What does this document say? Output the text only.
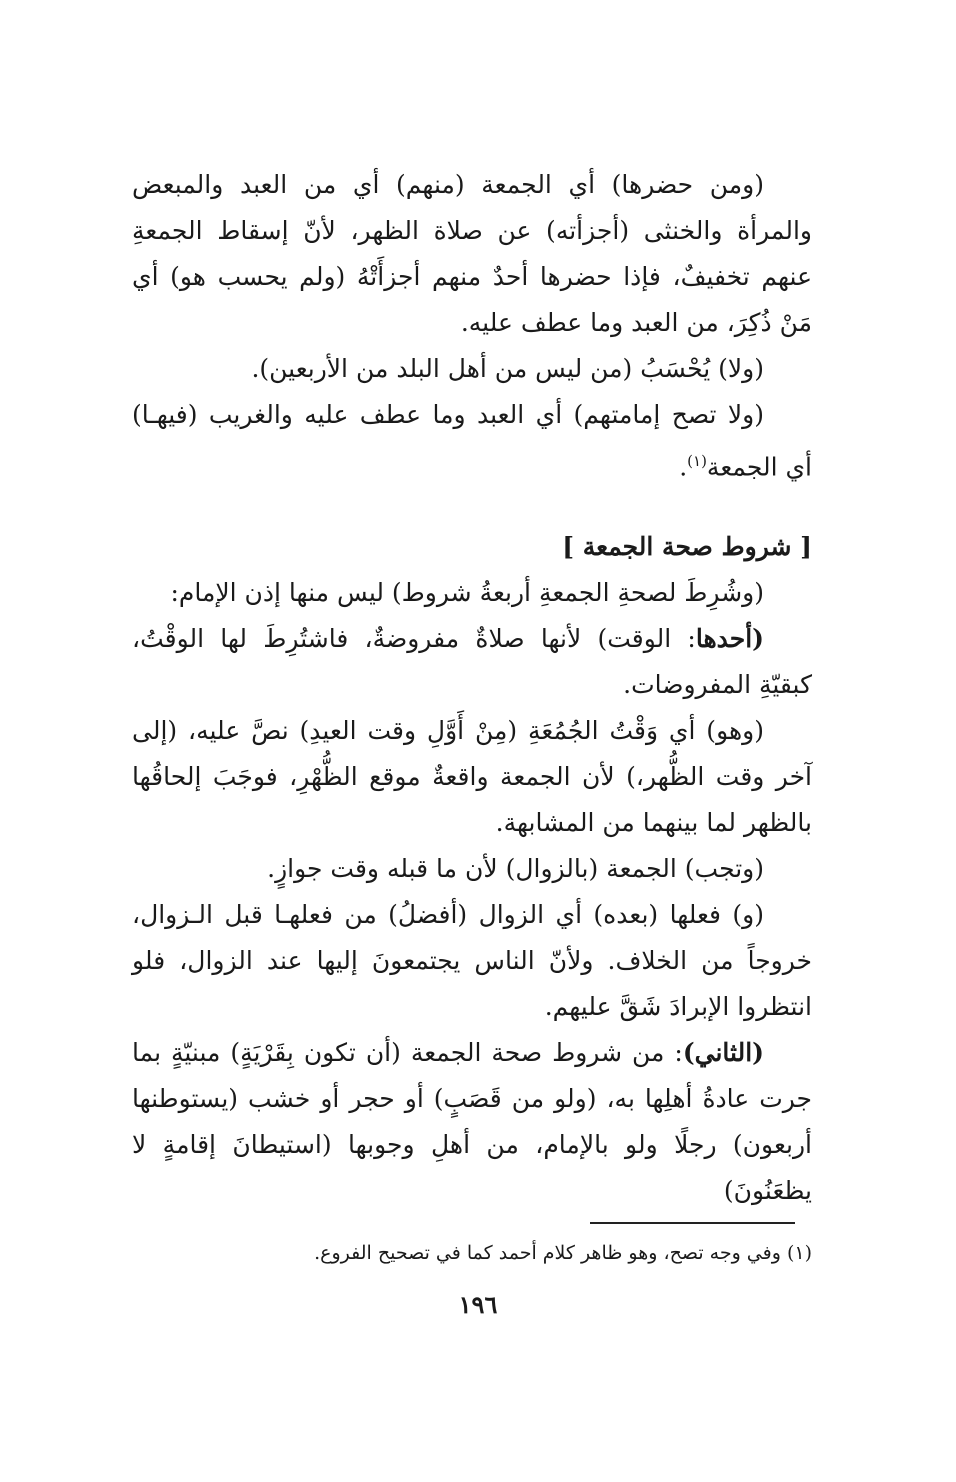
(ومن حضرها) أي الجمعة (منهم) أي من العبد والمبعض والمرأة والخنثى (أجزأته) عن صلاة الظهر، لأنّ إسقاط الجمعةِ عنهم تخفيفٌ، فإذا حضرها أحدٌ منهم أجزأَتْهُ (ولم يحسب هو) أي مَنْ ذُكِرَ، من العبد وما عطف عليه.

(ولا) يُحْسَبُ (من ليس من أهل البلد من الأربعين).

(ولا تصح إمامتهم) أي العبد وما عطف عليه والغريب (فيهـا) أي الجمعة$^{(١)}$.

[ شروط صحة الجمعة ]

(وشُرِطَ لصحةِ الجمعةِ أربعةُ شروط) ليس منها إذن الإمام:

(أحدها: الوقت) لأنها صلاةٌ مفروضةٌ، فاشتُرِطَ لها الوقْتُ، كبقيّةِ المفروضات.

(وهو) أي وَقْتُ الجُمُعَةِ (مِنْ أَوَّلِ وقت العيدِ) نصَّ عليه، (إلى آخر وقت الظُّهر،) لأن الجمعة واقعةٌ موقع الظُّهْرِ، فوجَبَ إلحاقُها بالظهر لما بينهما من المشابهة.

(وتجب) الجمعة (بالزوال) لأن ما قبله وقت جوازٍ.

(و) فعلها (بعده) أي الزوال (أفضلُ) من فعلهـا قبل الـزوال، خروجاً من الخلاف. ولأنّ الناس يجتمعونَ إليها عند الزوال، فلو انتظروا الإبرادَ شَقَّ عليهم.

(الثاني): من شروط صحة الجمعة (أن تكون بِقَرْيَةٍ) مبنيّةٍ بما جرت عادةُ أهلِها به، (ولو من قَصَبٍ) أو حجر أو خشب (يستوطنها أربعون) رجلًا ولو بالإمام، من أهلِ وجوبها (استيطانَ إقامةٍ لا يظعَنُونَ)

(١) وفي وجه تصح، وهو ظاهر كلام أحمد كما في تصحيح الفروع.

١٩٦
